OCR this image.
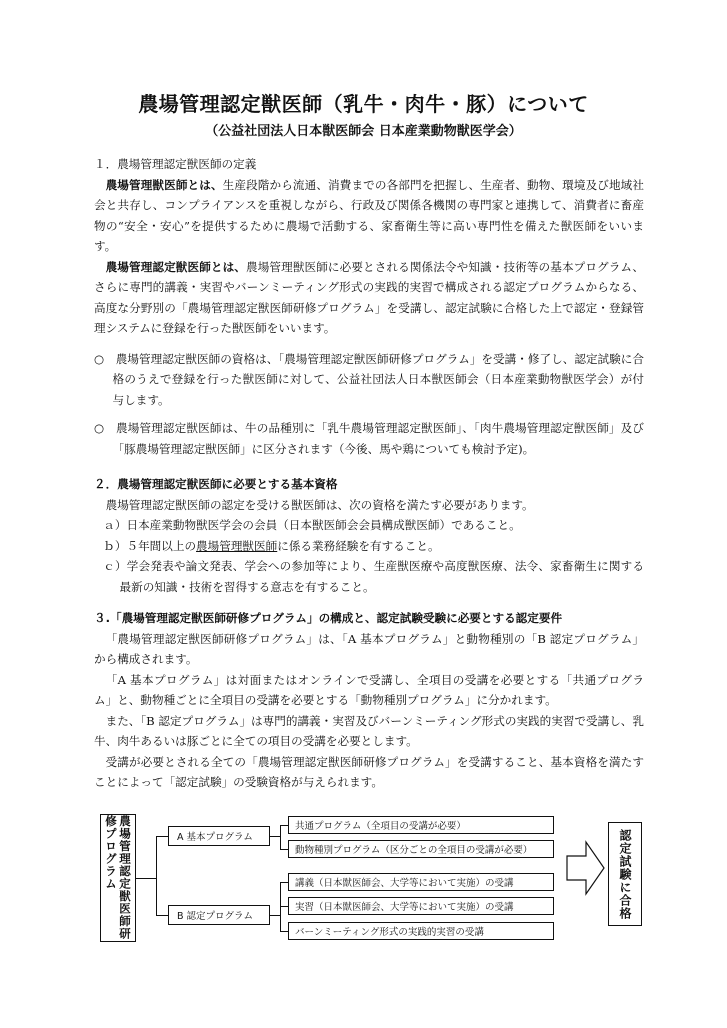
農場管理認定獣医師（乳牛・肉牛・豚）について
（公益社団法人日本獣医師会 日本産業動物獣医学会）
１．農場管理認定獣医師の定義

農場管理獣医師とは、生産段階から流通、消費までの各部門を把握し、生産者、動物、環境及び地域社会と共存し、コンプライアンスを重視しながら、行政及び関係各機関の専門家と連携して、消費者に畜産物の“安全・安心”を提供するために農場で活動する、家畜衛生等に高い専門性を備えた獣医師をいいます。

農場管理認定獣医師とは、農場管理獣医師に必要とされる関係法令や知識・技術等の基本プログラム、さらに専門的講義・実習やバーンミーティング形式の実践的実習で構成される認定プログラムからなる、高度な分野別の「農場管理認定獣医師研修プログラム」を受講し、認定試験に合格した上で認定・登録管理システムに登録を行った獣医師をいいます。

○　農場管理認定獣医師の資格は、「農場管理認定獣医師研修プログラム」を受講・修了し、認定試験に合格のうえで登録を行った獣医師に対して、公益社団法人日本獣医師会（日本産業動物獣医学会）が付与します。

○　農場管理認定獣医師は、牛の品種別に「乳牛農場管理認定獣医師」、「肉牛農場管理認定獣医師」及び「豚農場管理認定獣医師」に区分されます（今後、馬や鶏についても検討予定)。

２．農場管理認定獣医師に必要とする基本資格

農場管理認定獣医師の認定を受ける獣医師は、次の資格を満たす必要があります。

ａ）日本産業動物獣医学会の会員（日本獣医師会会員構成獣医師）であること。

ｂ）５年間以上の農場管理獣医師に係る業務経験を有すること。

ｃ）学会発表や論文発表、学会への参加等により、生産獣医療や高度獣医療、法令、家畜衛生に関する最新の知識・技術を習得する意志を有すること。

３.「農場管理認定獣医師研修プログラム」の構成と、認定試験受験に必要とする認定要件

「農場管理認定獣医師研修プログラム」は、「A 基本プログラム」と動物種別の「B 認定プログラム」から構成されます。

「A 基本プログラム」は対面またはオンラインで受講し、全項目の受講を必要とする「共通プログラム」と、動物種ごとに全項目の受講を必要とする「動物種別プログラム」に分かれます。

また、「B 認定プログラム」は専門的講義・実習及びバーンミーティング形式の実践的実習で受講し、乳牛、肉牛あるいは豚ごとに全ての項目の受講を必要とします。

受講が必要とされる全ての「農場管理認定獣医師研修プログラム」を受講すること、基本資格を満たすことによって「認定試験」の受験資格が与えられます。

農場管理認定獣医師研修プログラム	A 基本プログラム
B 認定プログラム
共通プログラム（全項目の受講が必要）
動物種別プログラム（区分ごとの全項目の受講が必要）
講義（日本獣医師会、大学等において実施）の受講
実習（日本獣医師会、大学等において実施）の受講
バーンミーティング形式の実践的実習の受講
認定試験に合格
